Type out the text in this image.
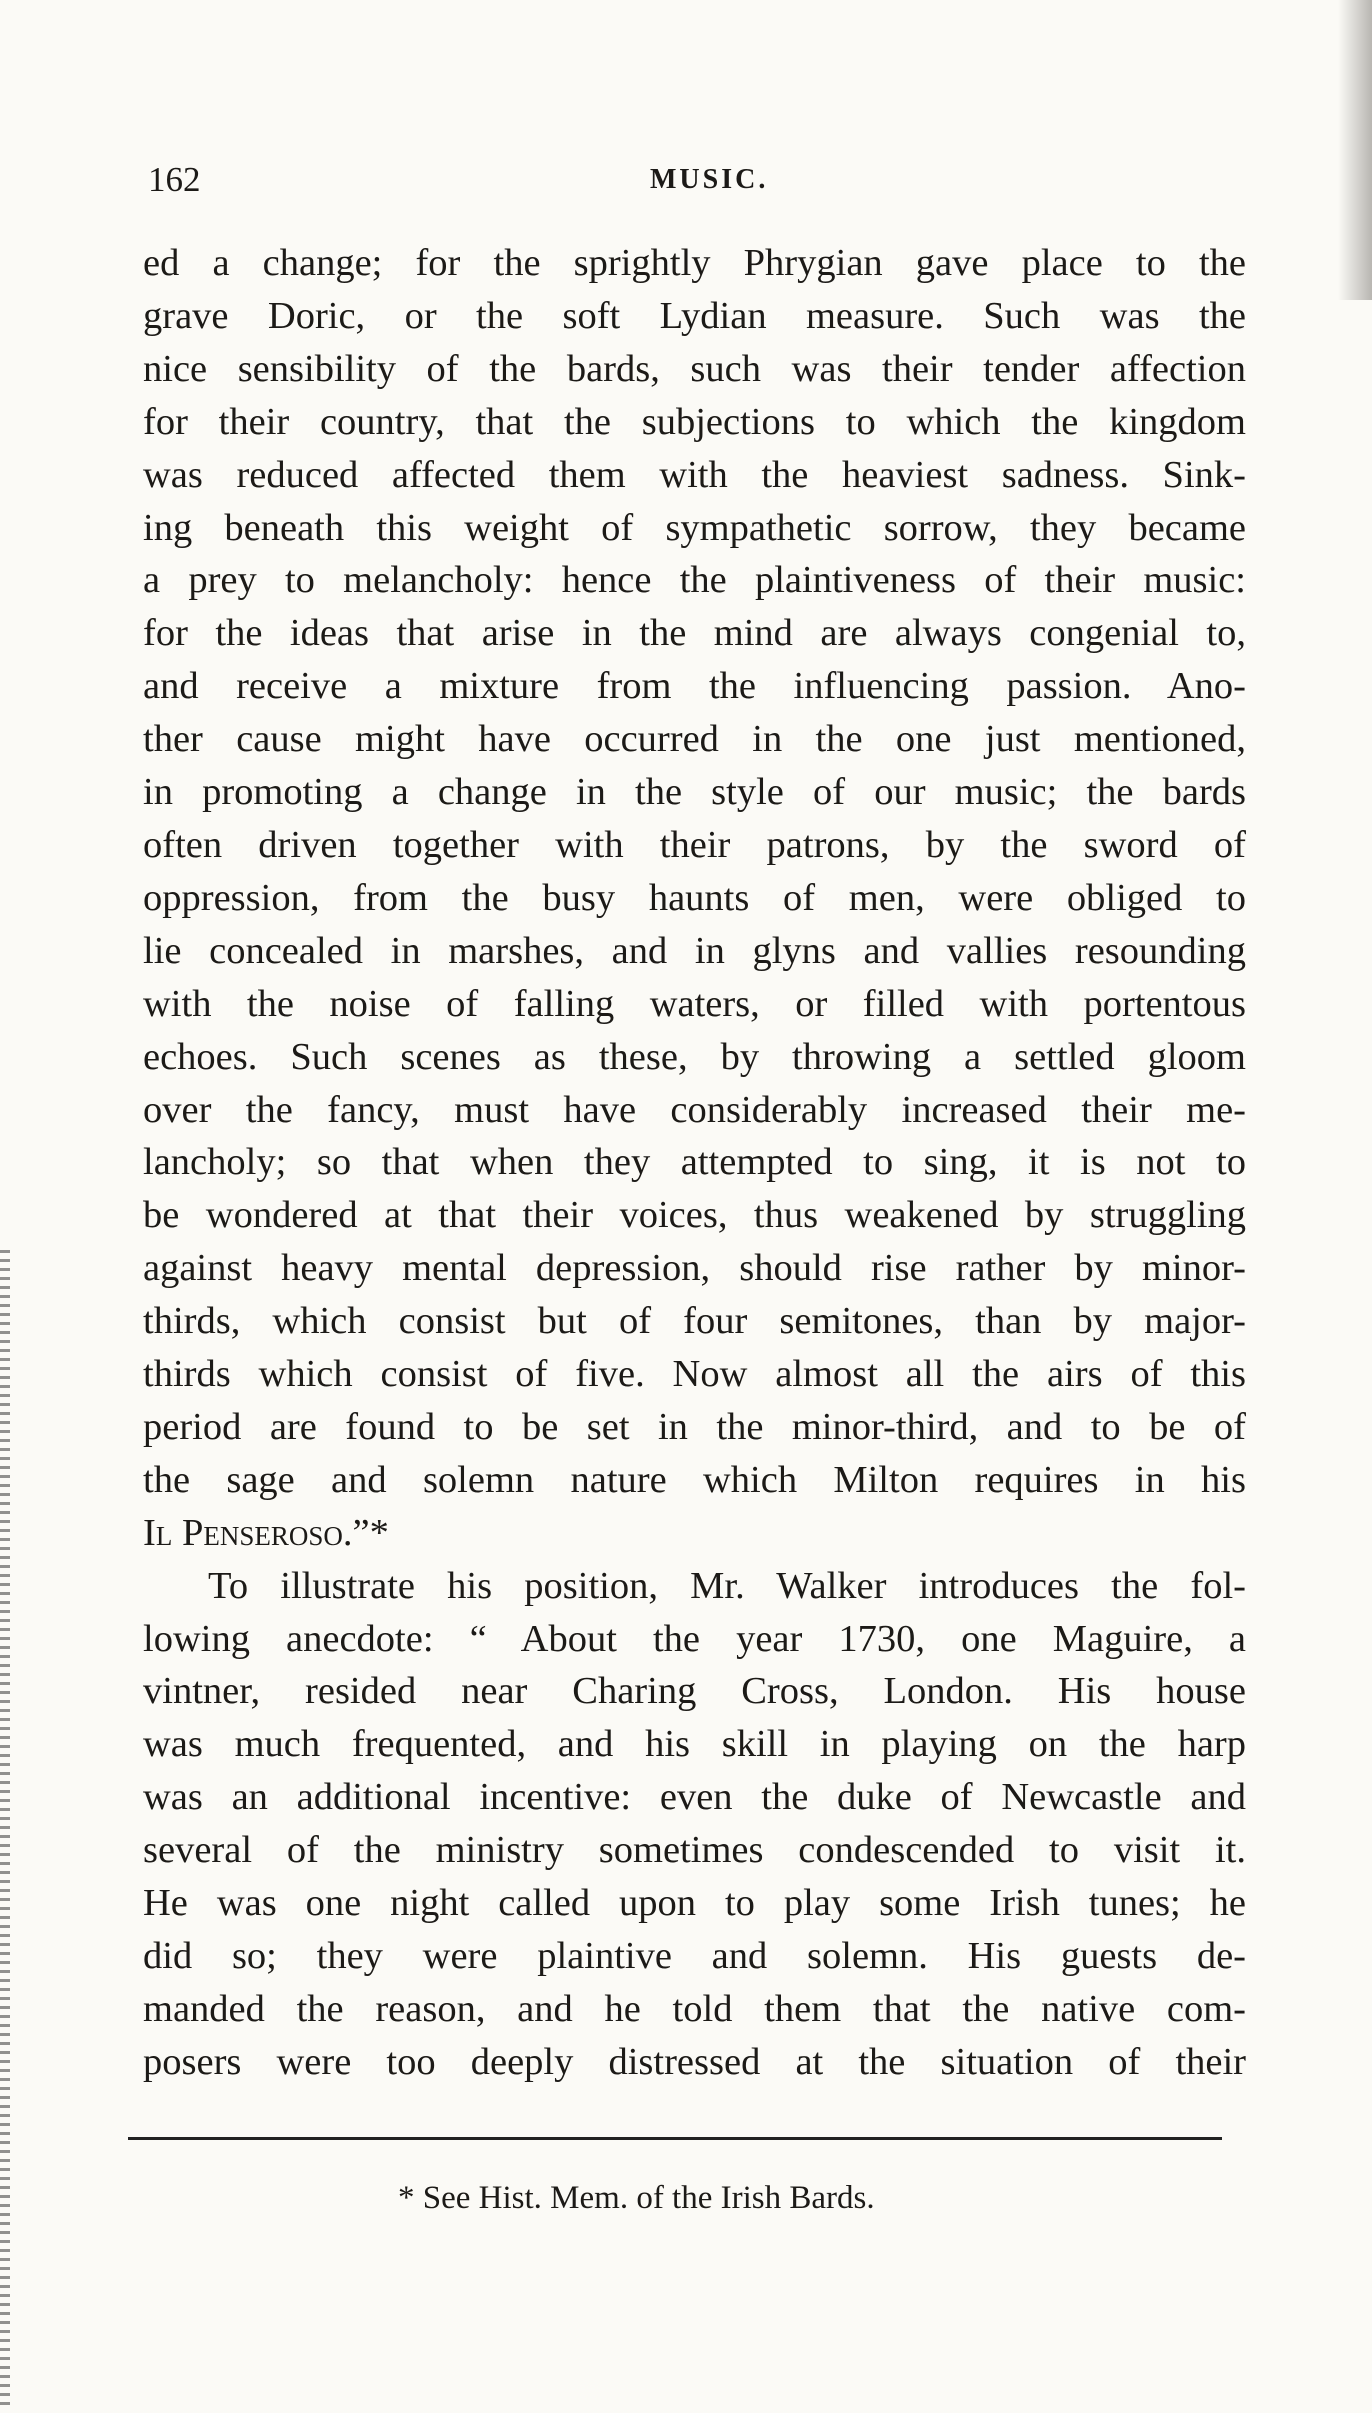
162	MUSIC.
ed a change; for the sprightly Phrygian gave place to the
grave Doric, or the soft Lydian measure. Such was the
nice sensibility of the bards, such was their tender affection
for their country, that the subjections to which the kingdom
was reduced affected them with the heaviest sadness. Sink-
ing beneath this weight of sympathetic sorrow, they became
a prey to melancholy: hence the plaintiveness of their music:
for the ideas that arise in the mind are always congenial to,
and receive a mixture from the influencing passion. Ano-
ther cause might have occurred in the one just mentioned,
in promoting a change in the style of our music; the bards
often driven together with their patrons, by the sword of
oppression, from the busy haunts of men, were obliged to
lie concealed in marshes, and in glyns and vallies resounding
with the noise of falling waters, or filled with portentous
echoes. Such scenes as these, by throwing a settled gloom
over the fancy, must have considerably increased their me-
lancholy; so that when they attempted to sing, it is not to
be wondered at that their voices, thus weakened by struggling
against heavy mental depression, should rise rather by minor-
thirds, which consist but of four semitones, than by major-
thirds which consist of five. Now almost all the airs of this
period are found to be set in the minor-third, and to be of
the sage and solemn nature which Milton requires in his
Il Penseroso.”*
To illustrate his position, Mr. Walker introduces the fol-
lowing anecdote: “ About the year 1730, one Maguire, a
vintner, resided near Charing Cross, London. His house
was much frequented, and his skill in playing on the harp
was an additional incentive: even the duke of Newcastle and
several of the ministry sometimes condescended to visit it.
He was one night called upon to play some Irish tunes; he
did so; they were plaintive and solemn. His guests de-
manded the reason, and he told them that the native com-
posers were too deeply distressed at the situation of their
* See Hist. Mem. of the Irish Bards.
